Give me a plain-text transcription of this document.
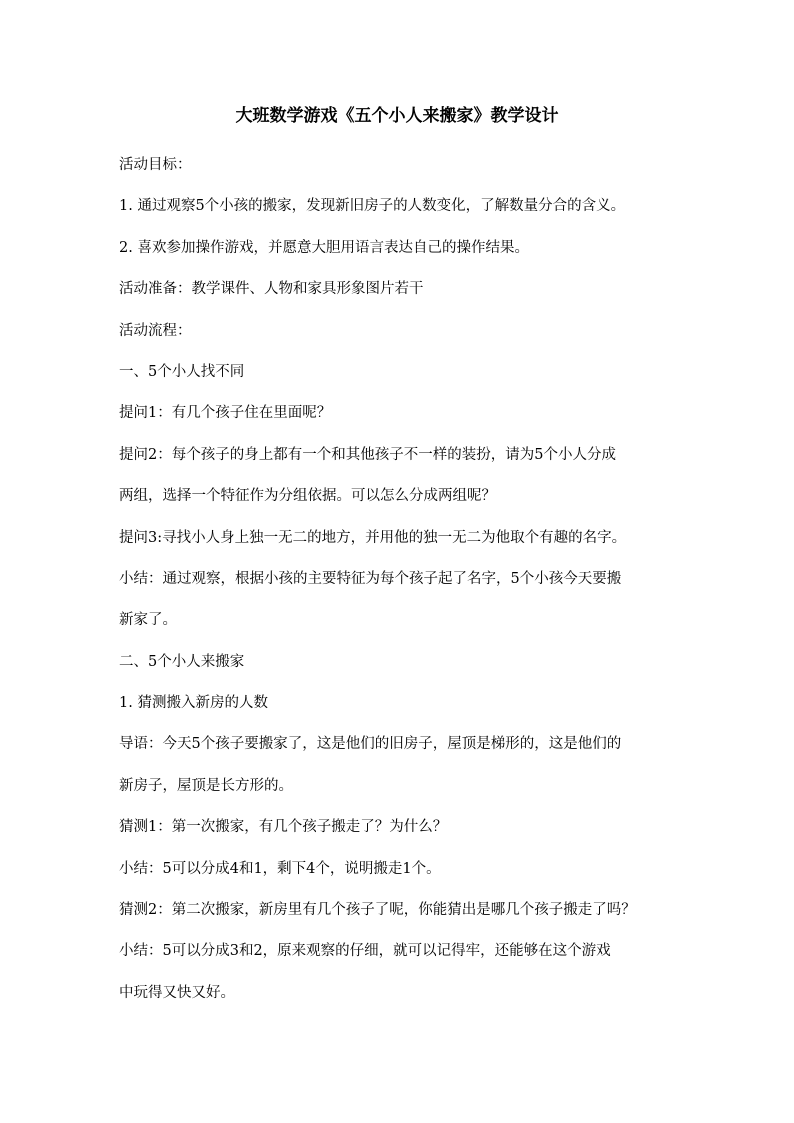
大班数学游戏《五个小人来搬家》教学设计
活动目标：
1. 通过观察5个小孩的搬家，发现新旧房子的人数变化，了解数量分合的含义。
2. 喜欢参加操作游戏，并愿意大胆用语言表达自己的操作结果。
活动准备：教学课件、人物和家具形象图片若干
活动流程：
一、5个小人找不同
提问1：有几个孩子住在里面呢？
提问2：每个孩子的身上都有一个和其他孩子不一样的装扮，请为5个小人分成
两组，选择一个特征作为分组依据。可以怎么分成两组呢？
提问3:寻找小人身上独一无二的地方，并用他的独一无二为他取个有趣的名字。
小结：通过观察，根据小孩的主要特征为每个孩子起了名字，5个小孩今天要搬
新家了。
二、5个小人来搬家
1. 猜测搬入新房的人数
导语：今天5个孩子要搬家了，这是他们的旧房子，屋顶是梯形的，这是他们的
新房子，屋顶是长方形的。
猜测1：第一次搬家，有几个孩子搬走了？为什么？
小结：5可以分成4和1，剩下4个，说明搬走1个。
猜测2：第二次搬家，新房里有几个孩子了呢，你能猜出是哪几个孩子搬走了吗？
小结：5可以分成3和2，原来观察的仔细，就可以记得牢，还能够在这个游戏
中玩得又快又好。
